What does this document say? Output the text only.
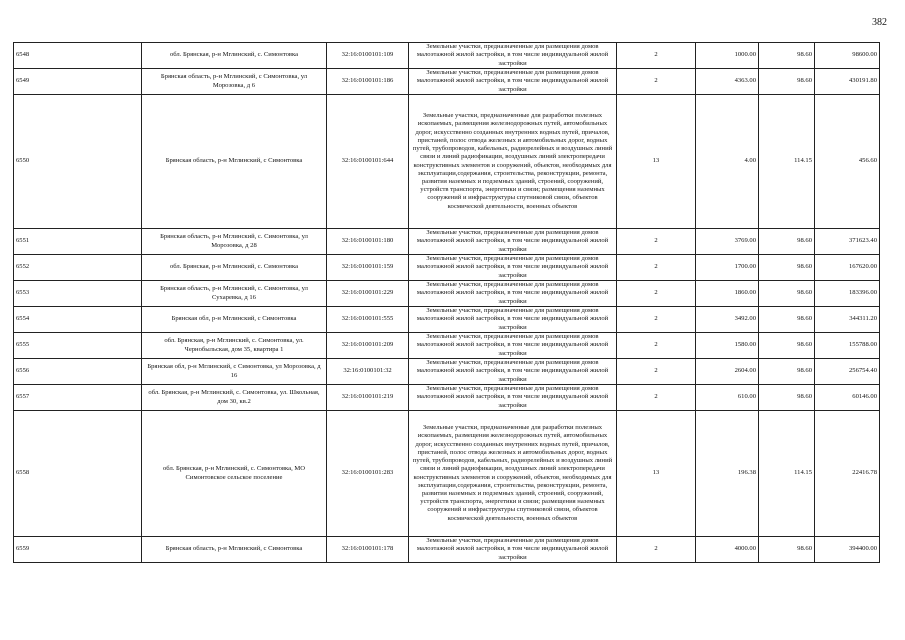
382
6548	обл. Брянская, р-н Мглинский, с. Симонтовка	32:16:0100101:109	Земельные участки, предназначенные для размещения домов малоэтажной жилой застройки, в том числе индивидуальной жилой застройки	2	1000.00	98.60	98600.00
6549	Брянская область, р-н Мглинский, с Симонтовка, ул Морозовка, д 6	32:16:0100101:186	Земельные участки, предназначенные для размещения домов малоэтажной жилой застройки, в том числе индивидуальной жилой застройки	2	4363.00	98.60	430191.80
6550	Брянская область, р-н Мглинский, с Симонтовка	32:16:0100101:644	Земельные участки, предназначенные для разработки полезных ископаемых, размещения железнодорожных путей, автомобильных дорог, искусственно созданных внутренних водных путей, причалов, пристаней, полос отвода железных и автомобильных дорог, водных путей, трубопроводов, кабельных, радиорелейных и воздушных линий связи и линий радиофикации, воздушных линий электропередачи конструктивных элементов и сооружений, объектов, необходимых для эксплуатации,содержания, строительства, реконструкции, ремонта, развития наземных и подземных зданий, строений, сооружений, устройств транспорта, энергетики и связи; размещения наземных сооружений и инфраструктуры спутниковой связи, объектов космической деятельности, военных объектов	13	4.00	114.15	456.60
6551	Брянская область, р-н Мглинский, с. Симонтовка, ул Морозовка, д 28	32:16:0100101:180	Земельные участки, предназначенные для размещения домов малоэтажной жилой застройки, в том числе индивидуальной жилой застройки	2	3769.00	98.60	371623.40
6552	обл. Брянская, р-н Мглинский, с. Симонтовка	32:16:0100101:159	Земельные участки, предназначенные для размещения домов малоэтажной жилой застройки, в том числе индивидуальной жилой застройки	2	1700.00	98.60	167620.00
6553	Брянская область, р-н Мглинский, с. Симонтовка, ул Сухаревка, д 16	32:16:0100101:229	Земельные участки, предназначенные для размещения домов малоэтажной жилой застройки, в том числе индивидуальной жилой застройки	2	1860.00	98.60	183396.00
6554	Брянская обл, р-н Мглинский, с Симонтовка	32:16:0100101:555	Земельные участки, предназначенные для размещения домов малоэтажной жилой застройки, в том числе индивидуальной жилой застройки	2	3492.00	98.60	344311.20
6555	обл. Брянская, р-н Мглинский, с. Симонтовка, ул. Чернобыльская, дом 35, квартира 1	32:16:0100101:209	Земельные участки, предназначенные для размещения домов малоэтажной жилой застройки, в том числе индивидуальной жилой застройки	2	1580.00	98.60	155788.00
6556	Брянская обл, р-н Мглинский, с Симонтовка, ул Морозовка, д 16	32:16:0100101:32	Земельные участки, предназначенные для размещения домов малоэтажной жилой застройки, в том числе индивидуальной жилой застройки	2	2604.00	98.60	256754.40
6557	обл. Брянская, р-н Мглинский, с. Симонтовка, ул. Школьная, дом 30, кв.2	32:16:0100101:219	Земельные участки, предназначенные для размещения домов малоэтажной жилой застройки, в том числе индивидуальной жилой застройки	2	610.00	98.60	60146.00
6558	обл. Брянская, р-н Мглинский, с. Симонтовка, МО Симонтовское сельское поселение	32:16:0100101:283	Земельные участки, предназначенные для разработки полезных ископаемых, размещения железнодорожных путей, автомобильных дорог, искусственно созданных внутренних водных путей, причалов, пристаней, полос отвода железных и автомобильных дорог, водных путей, трубопроводов, кабельных, радиорелейных и воздушных линий связи и линий радиофикации, воздушных линий электропередачи конструктивных элементов и сооружений, объектов, необходимых для эксплуатации,содержания, строительства, реконструкции, ремонта, развития наземных и подземных зданий, строений, сооружений, устройств транспорта, энергетики и связи; размещения наземных сооружений и инфраструктуры спутниковой связи, объектов космической деятельности, военных объектов	13	196.38	114.15	22416.78
6559	Брянская область, р-н Мглинский, с Симонтовка	32:16:0100101:178	Земельные участки, предназначенные для размещения домов малоэтажной жилой застройки, в том числе индивидуальной жилой застройки	2	4000.00	98.60	394400.00
